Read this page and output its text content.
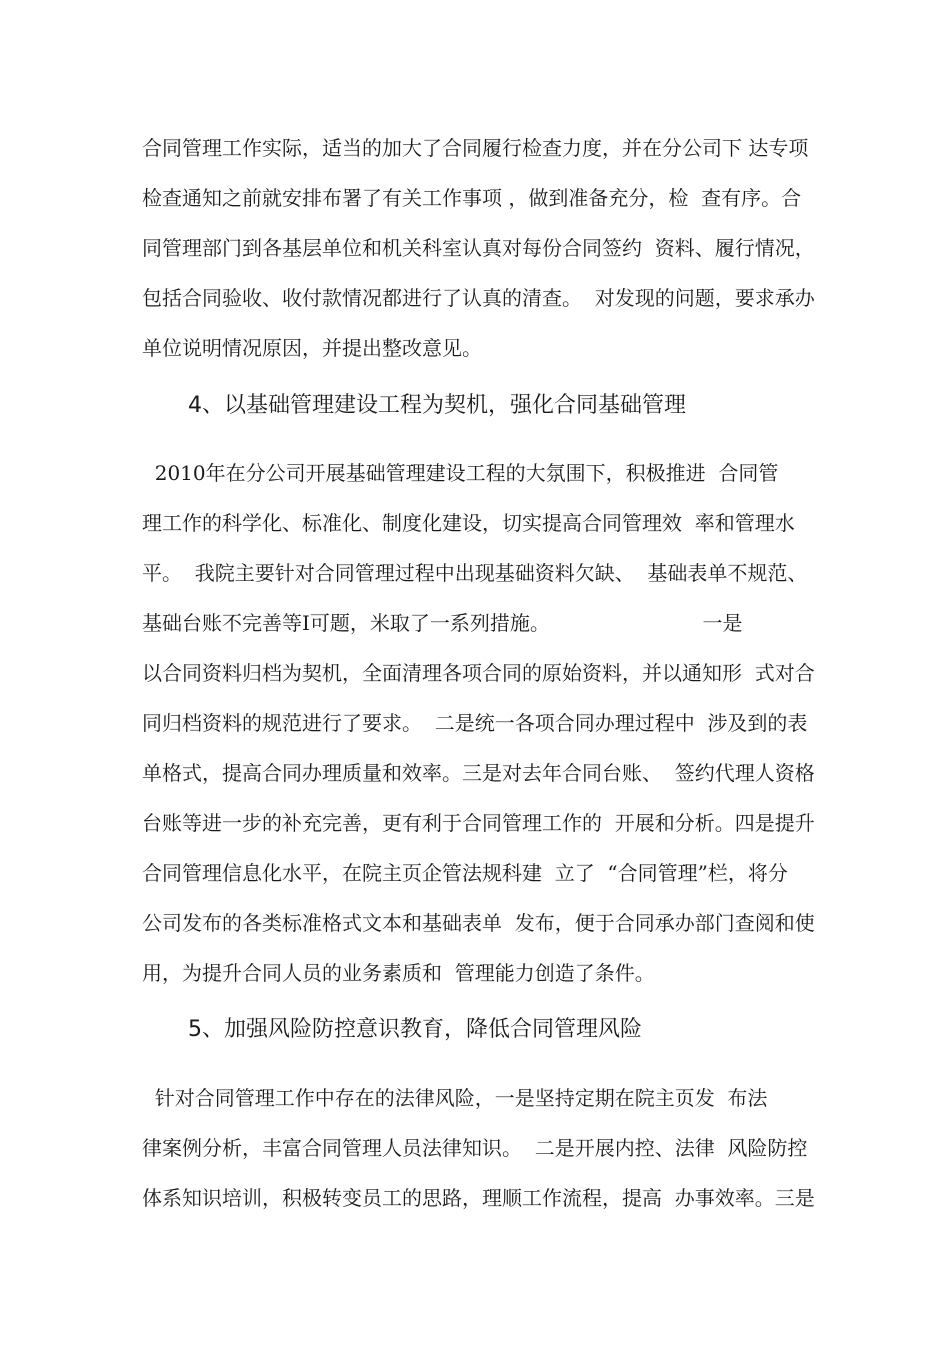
合同管理工作实际，适当的加大了合同履行检查力度，并在分公司下 达专项
检查通知之前就安排布署了有关工作事项 ，做到准备充分，检  查有序。合
同管理部门到各基层单位和机关科室认真对每份合同签约  资料、履行情况，
包括合同验收、收付款情况都进行了认真的清查。  对发现的问题，要求承办
单位说明情况原因，并提出整改意见。
4、以基础管理建设工程为契机，强化合同基础管理
2010年在分公司开展基础管理建设工程的大氛围下，积极推进  合同管
理工作的科学化、标准化、制度化建设，切实提高合同管理效  率和管理水
平。  我院主要针对合同管理过程中出现基础资料欠缺、  基础表单不规范、
基础台账不完善等I可题，米取了一系列措施。                        一是
以合同资料归档为契机，全面清理各项合同的原始资料，并以通知形  式对合
同归档资料的规范进行了要求。  二是统一各项合同办理过程中  涉及到的表
单格式，提高合同办理质量和效率。三是对去年合同台账、  签约代理人资格
台账等进一步的补充完善，更有利于合同管理工作的  开展和分析。四是提升
合同管理信息化水平，在院主页企管法规科建  立了  “合同管理”栏，将分
公司发布的各类标准格式文本和基础表单  发布，便于合同承办部门查阅和使
用，为提升合同人员的业务素质和  管理能力创造了条件。
5、加强风险防控意识教育，降低合同管理风险
针对合同管理工作中存在的法律风险，一是坚持定期在院主页发  布法
律案例分析，丰富合同管理人员法律知识。  二是开展内控、法律  风险防控
体系知识培训，积极转变员工的思路，理顺工作流程，提高  办事效率。三是
